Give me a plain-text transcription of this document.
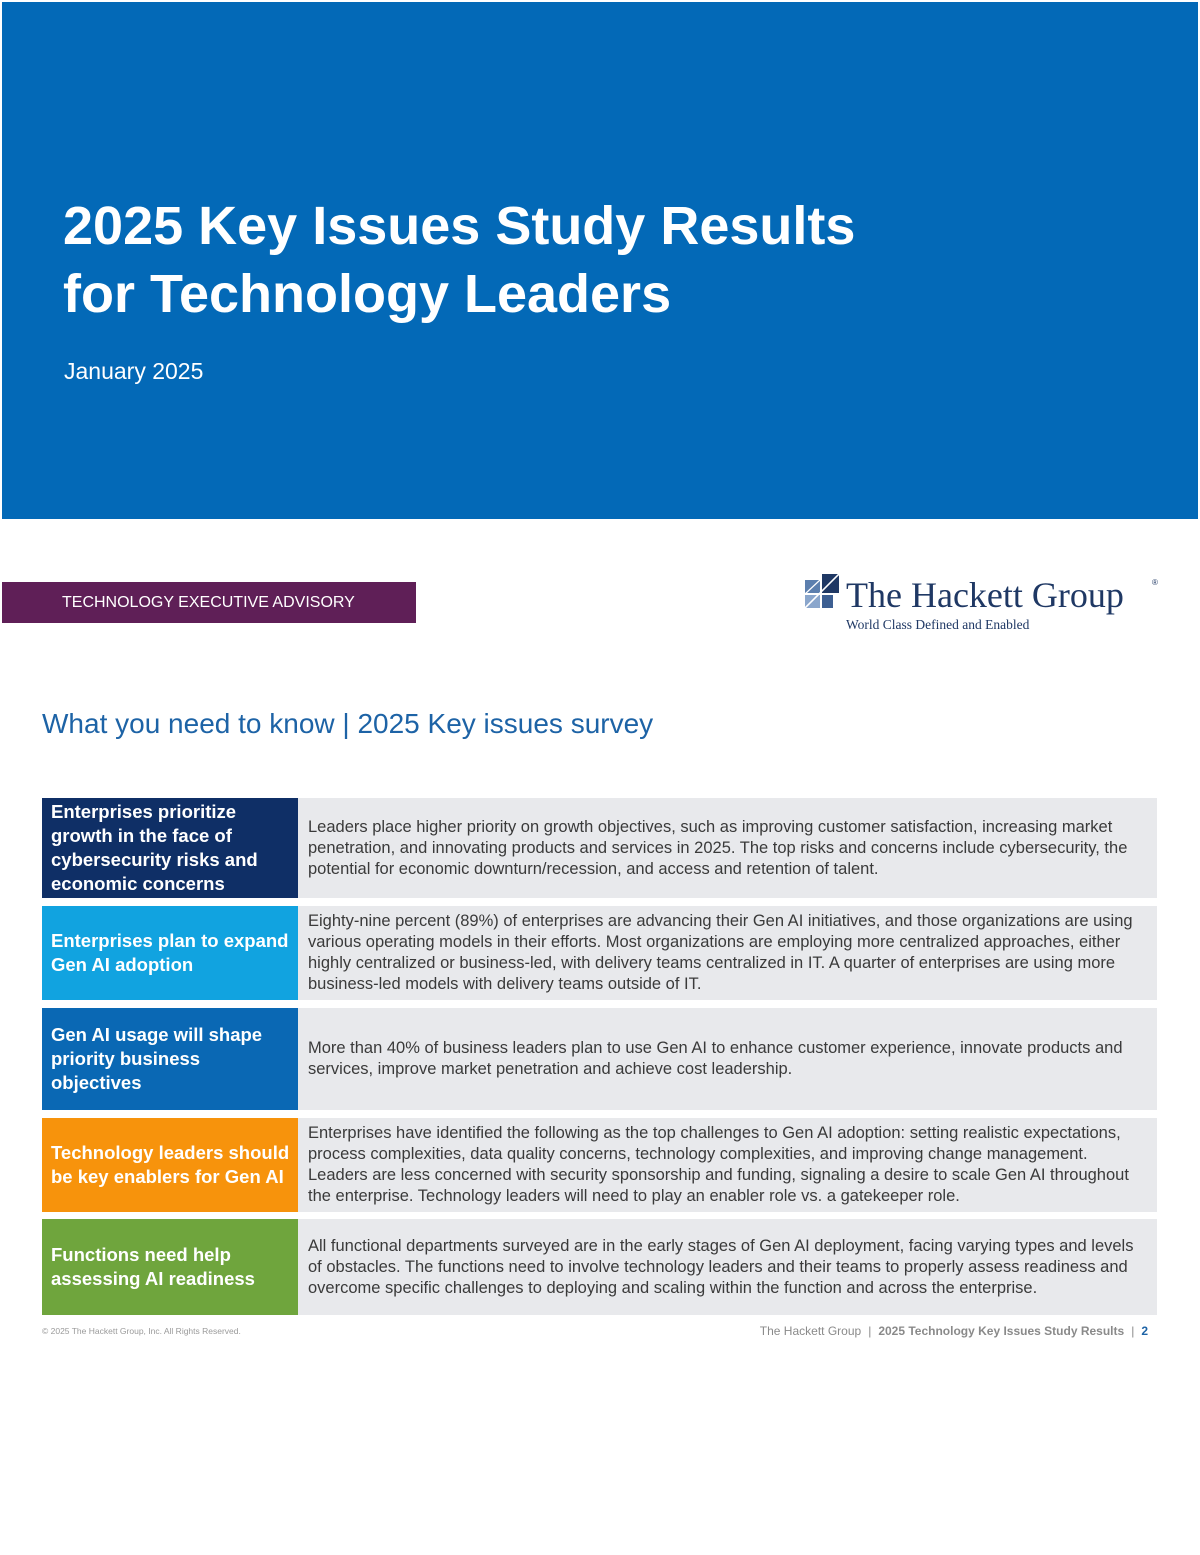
2025 Key Issues Study Results
for Technology Leaders
January 2025
TECHNOLOGY EXECUTIVE ADVISORY	The Hackett Group	®
World Class Defined and Enabled
What you need to know | 2025 Key issues survey
Enterprises prioritize growth in the face of cybersecurity risks and economic concerns
Leaders place higher priority on growth objectives, such as improving customer satisfaction, increasing market penetration, and innovating products and services in 2025. The top risks and concerns include cybersecurity, the potential for economic downturn/recession, and access and retention of talent.
Enterprises plan to expand Gen AI adoption
Eighty-nine percent (89%) of enterprises are advancing their Gen AI initiatives, and those organizations are using various operating models in their efforts. Most organizations are employing more centralized approaches, either highly centralized or business-led, with delivery teams centralized in IT. A quarter of enterprises are using more business-led models with delivery teams outside of IT.
Gen AI usage will shape priority business objectives
More than 40% of business leaders plan to use Gen AI to enhance customer experience, innovate products and services, improve market penetration and achieve cost leadership.
Technology leaders should be key enablers for Gen AI
Enterprises have identified the following as the top challenges to Gen AI adoption: setting realistic expectations, process complexities, data quality concerns, technology complexities, and improving change management. Leaders are less concerned with security sponsorship and funding, signaling a desire to scale Gen AI throughout the enterprise. Technology leaders will need to play an enabler role vs. a gatekeeper role.
Functions need help assessing AI readiness
All functional departments surveyed are in the early stages of Gen AI deployment, facing varying types and levels of obstacles. The functions need to involve technology leaders and their teams to properly assess readiness and overcome specific challenges to deploying and scaling within the function and across the enterprise.
© 2025 The Hackett Group, Inc. All Rights Reserved.	The Hackett Group | 2025 Technology Key Issues Study Results | 2
